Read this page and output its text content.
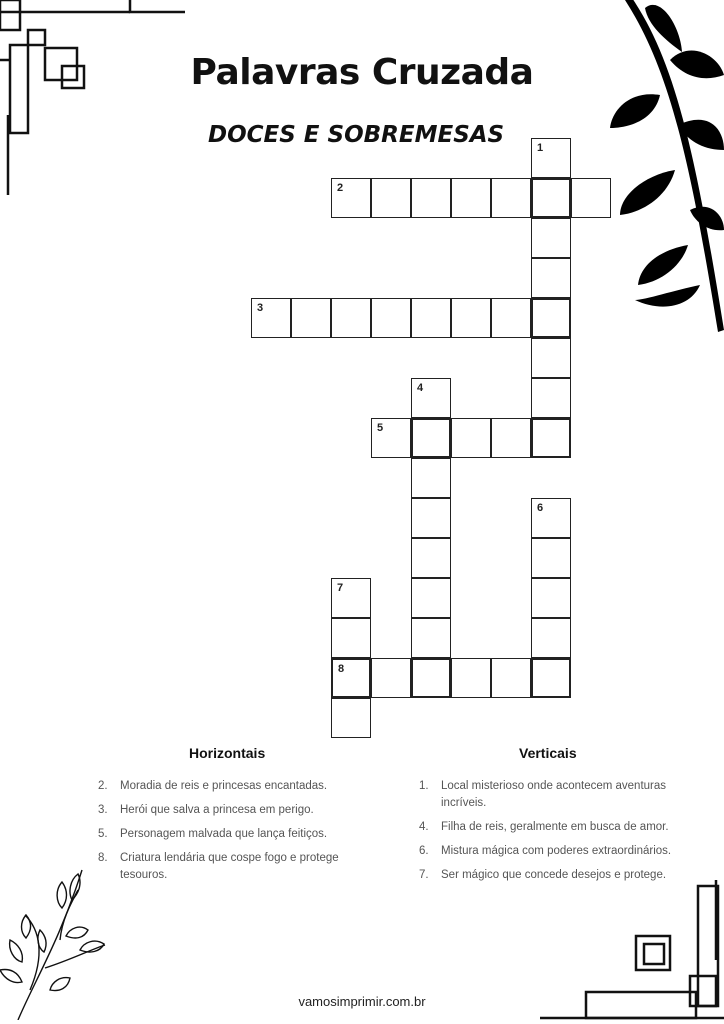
Palavras Cruzada
DOCES E SOBREMESAS	1
2
3
4
5
6
7
8
Horizontais	Verticais
2. Moradia de reis e princesas encantadas.
3. Herói que salva a princesa em perigo.
5. Personagem malvada que lança feitiços.
8. Criatura lendária que cospe fogo e protege tesouros.
1. Local misterioso onde acontecem aventuras incríveis.
4. Filha de reis, geralmente em busca de amor.
6. Mistura mágica com poderes extraordinários.
7. Ser mágico que concede desejos e protege.
vamosimprimir.com.br
